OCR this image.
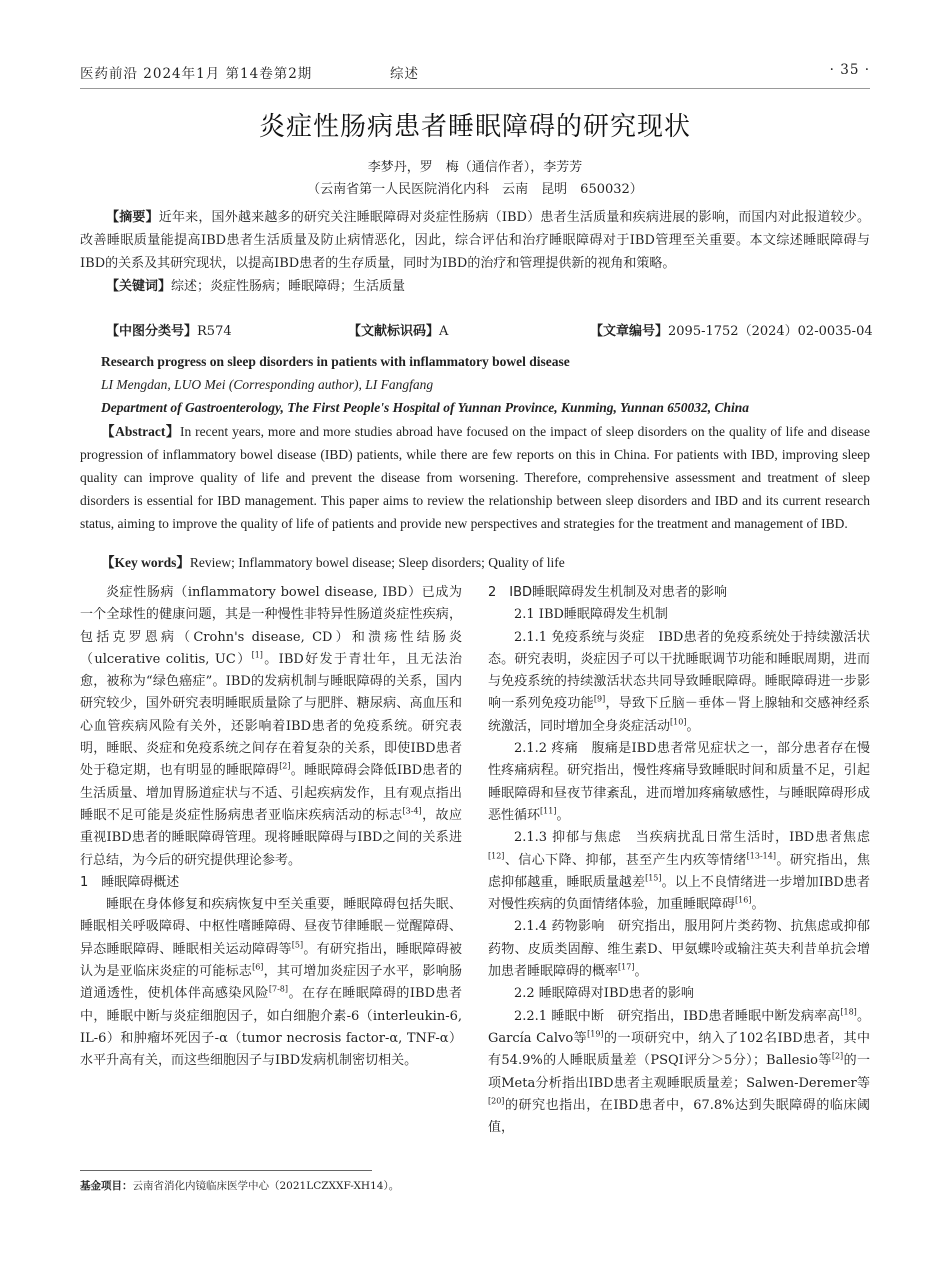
医药前沿 2024年1月 第14卷第2期	综述	· 35 ·
炎症性肠病患者睡眠障碍的研究现状
李梦丹，罗　梅（通信作者），李芳芳
（云南省第一人民医院消化内科　云南　昆明　650032）

【摘要】近年来，国外越来越多的研究关注睡眠障碍对炎症性肠病（IBD）患者生活质量和疾病进展的影响，而国内对此报道较少。改善睡眠质量能提高IBD患者生活质量及防止病情恶化，因此，综合评估和治疗睡眠障碍对于IBD管理至关重要。本文综述睡眠障碍与IBD的关系及其研究现状，以提高IBD患者的生存质量，同时为IBD的治疗和管理提供新的视角和策略。

【关键词】综述；炎症性肠病；睡眠障碍；生活质量

【中图分类号】R574	【文献标识码】A	【文章编号】2095-1752（2024）02-0035-04
Research progress on sleep disorders in patients with inflammatory bowel disease
LI Mengdan, LUO Mei (Corresponding author), LI Fangfang
Department of Gastroenterology, The First People's Hospital of Yunnan Province, Kunming, Yunnan 650032, China

【Abstract】In recent years, more and more studies abroad have focused on the impact of sleep disorders on the quality of life and disease progression of inflammatory bowel disease (IBD) patients, while there are few reports on this in China. For patients with IBD, improving sleep quality can improve quality of life and prevent the disease from worsening. Therefore, comprehensive assessment and treatment of sleep disorders is essential for IBD management. This paper aims to review the relationship between sleep disorders and IBD and its current research status, aiming to improve the quality of life of patients and provide new perspectives and strategies for the treatment and management of IBD.

【Key words】Review; Inflammatory bowel disease; Sleep disorders; Quality of life

炎症性肠病（inflammatory bowel disease, IBD）已成为一个全球性的健康问题，其是一种慢性非特异性肠道炎症性疾病，包括克罗恩病（Crohn's disease, CD）和溃疡性结肠炎（ulcerative colitis, UC）[1]。IBD好发于青壮年，且无法治愈，被称为“绿色癌症”。IBD的发病机制与睡眠障碍的关系，国内研究较少，国外研究表明睡眠质量除了与肥胖、糖尿病、高血压和心血管疾病风险有关外，还影响着IBD患者的免疫系统。研究表明，睡眠、炎症和免疫系统之间存在着复杂的关系，即使IBD患者处于稳定期，也有明显的睡眠障碍[2]。睡眠障碍会降低IBD患者的生活质量、增加胃肠道症状与不适、引起疾病发作，且有观点指出睡眠不足可能是炎症性肠病患者亚临床疾病活动的标志[3-4]，故应重视IBD患者的睡眠障碍管理。现将睡眠障碍与IBD之间的关系进行总结，为今后的研究提供理论参考。

1　睡眠障碍概述

睡眠在身体修复和疾病恢复中至关重要，睡眠障碍包括失眠、睡眠相关呼吸障碍、中枢性嗜睡障碍、昼夜节律睡眠－觉醒障碍、异态睡眠障碍、睡眠相关运动障碍等[5]。有研究指出，睡眠障碍被认为是亚临床炎症的可能标志[6]，其可增加炎症因子水平，影响肠道通透性，使机体伴高感染风险[7-8]。在存在睡眠障碍的IBD患者中，睡眠中断与炎症细胞因子，如白细胞介素-6（interleukin-6, IL-6）和肿瘤坏死因子-α（tumor necrosis factor-α, TNF-α）水平升高有关，而这些细胞因子与IBD发病机制密切相关。

2　IBD睡眠障碍发生机制及对患者的影响

2.1 IBD睡眠障碍发生机制

2.1.1 免疫系统与炎症　IBD患者的免疫系统处于持续激活状态。研究表明，炎症因子可以干扰睡眠调节功能和睡眠周期，进而与免疫系统的持续激活状态共同导致睡眠障碍。睡眠障碍进一步影响一系列免疫功能[9]，导致下丘脑－垂体－肾上腺轴和交感神经系统激活，同时增加全身炎症活动[10]。

2.1.2 疼痛　腹痛是IBD患者常见症状之一，部分患者存在慢性疼痛病程。研究指出，慢性疼痛导致睡眠时间和质量不足，引起睡眠障碍和昼夜节律紊乱，进而增加疼痛敏感性，与睡眠障碍形成恶性循环[11]。

2.1.3 抑郁与焦虑　当疾病扰乱日常生活时，IBD患者焦虑[12]、信心下降、抑郁，甚至产生内疚等情绪[13-14]。研究指出，焦虑抑郁越重，睡眠质量越差[15]。以上不良情绪进一步增加IBD患者对慢性疾病的负面情绪体验，加重睡眠障碍[16]。

2.1.4 药物影响　研究指出，服用阿片类药物、抗焦虑或抑郁药物、皮质类固醇、维生素D、甲氨蝶呤或输注英夫利昔单抗会增加患者睡眠障碍的概率[17]。

2.2 睡眠障碍对IBD患者的影响

2.2.1 睡眠中断　研究指出，IBD患者睡眠中断发病率高[18]。García Calvo等[19]的一项研究中，纳入了102名IBD患者，其中有54.9%的人睡眠质量差（PSQI评分＞5分）；Ballesio等[2]的一项Meta分析指出IBD患者主观睡眠质量差；Salwen-Deremer等[20]的研究也指出，在IBD患者中，67.8%达到失眠障碍的临床阈值，

基金项目：云南省消化内镜临床医学中心（2021LCZXXF-XH14）。
